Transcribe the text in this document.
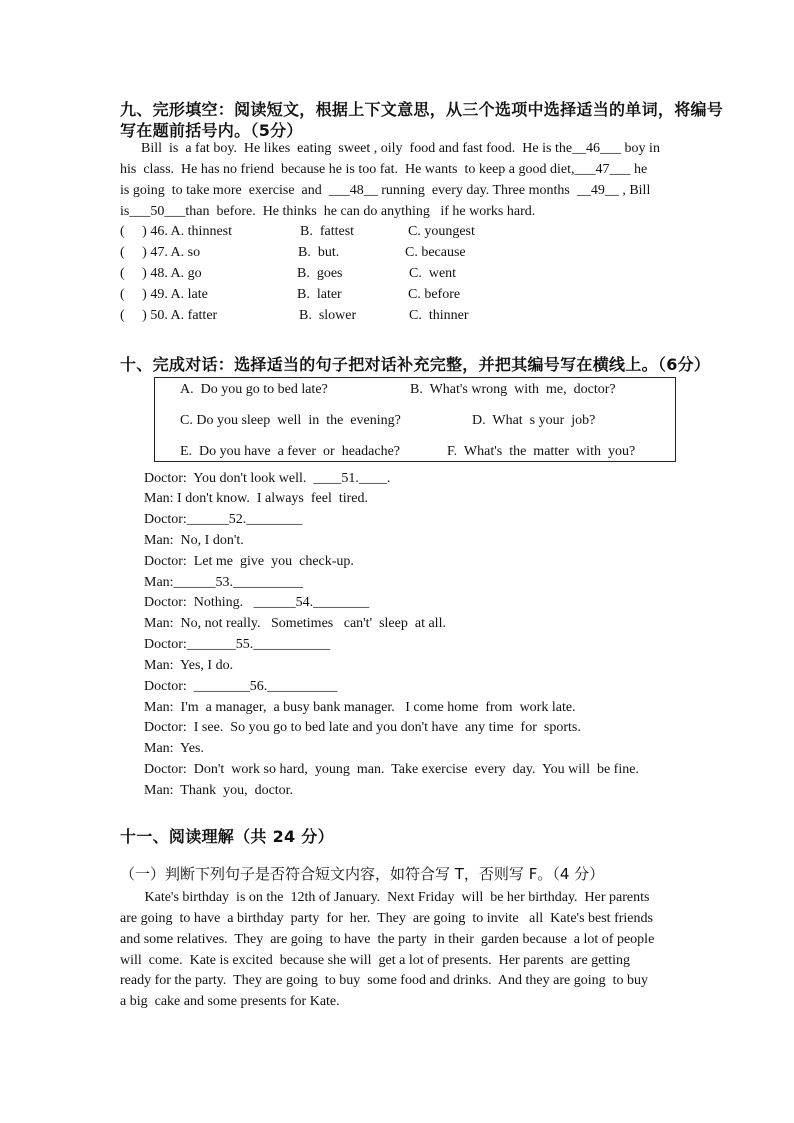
九、完形填空：阅读短文，根据上下文意思，从三个选项中选择适当的单词，将编号
写在题前括号内。（5分）
Bill  is  a fat boy.  He likes  eating  sweet , oily  food and fast food.  He is the__46___ boy in
his  class.  He has no friend  because he is too fat.  He wants  to keep a good diet,___47___ he
is going  to take more  exercise  and  ___48__ running  every day. Three months  __49__ , Bill
is___50___than  before.  He thinks  he can do anything   if he works hard.
(     ) 46. A. thinnest	B.  fattest	C. youngest
(     ) 47. A. so	B.  but.	C. because
(     ) 48. A. go	B.  goes	C.  went
(     ) 49. A. late	B.  later	C. before
(     ) 50. A. fatter	B.  slower	C.  thinner
十、完成对话：选择适当的句子把对话补充完整，并把其编号写在横线上。（6分）
A.  Do you go to bed late?	B.  What's wrong  with  me,  doctor?
C. Do you sleep  well  in  the  evening?	D.  What  s your  job?
E.  Do you have  a fever  or  headache?	F.  What's  the  matter  with  you?
Doctor:  You don't look well.  ____51.____.
Man: I don't know.  I always  feel  tired.
Doctor:______52.________
Man:  No, I don't.
Doctor:  Let me  give  you  check-up.
Man:______53.__________
Doctor:  Nothing.   ______54.________
Man:  No, not really.   Sometimes   can't'  sleep  at all.
Doctor:_______55.___________
Man:  Yes, I do.
Doctor:  ________56.__________
Man:  I'm  a manager,  a busy bank manager.   I come home  from  work late.
Doctor:  I see.  So you go to bed late and you don't have  any time  for  sports.
Man:  Yes.
Doctor:  Don't  work so hard,  young  man.  Take exercise  every  day.  You will  be fine.
Man:  Thank  you,  doctor.
十一、阅读理解（共 24 分）
（一）判断下列句子是否符合短文内容，如符合写 T，否则写 F。（4 分）
Kate's birthday  is on the  12th of January.  Next Friday  will  be her birthday.  Her parents
are going  to have  a birthday  party  for  her.  They  are going  to invite   all  Kate's best friends
and some relatives.  They  are going  to have  the party  in their  garden because  a lot of people
will  come.  Kate is excited  because she will  get a lot of presents.  Her parents  are getting
ready for the party.  They are going  to buy  some food and drinks.  And they are going  to buy
a big  cake and some presents for Kate.
